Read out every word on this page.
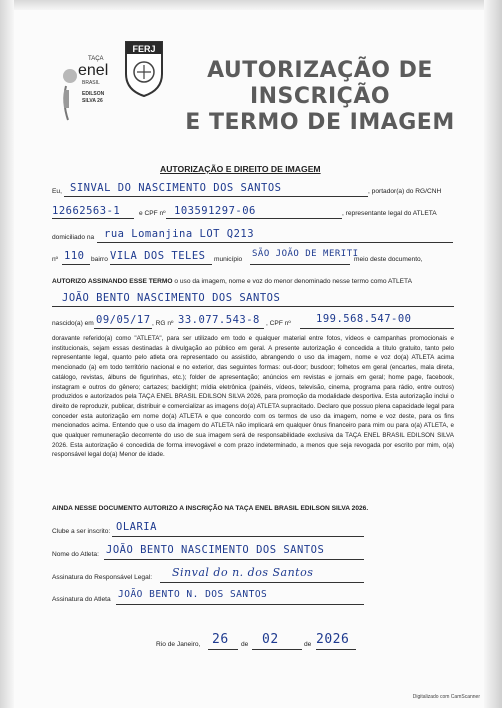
TAÇA
enel
BRASIL
EDILSON
SILVA 26
FERJ
AUTORIZAÇÃO DE INSCRIÇÃO
E TERMO DE IMAGEM
AUTORIZAÇÃO E DIREITO DE IMAGEM
Eu, SINVAL DO NASCIMENTO DOS SANTOS	, portador(a) do RG/CNH
12662563-1	e CPF nº 103591297-06	, representante legal do ATLETA
domiciliado na rua Lomanjina LOT Q213
nº 110 bairro VILA DOS TELES município
SÃO JOÃO DE MERITI
meio deste documento,
AUTORIZO ASSINANDO ESSE TERMO o uso da imagem, nome e voz do menor denominado nesse termo como ATLETA
JOÃO BENTO NASCIMENTO DOS SANTOS
nascido(a) em 09/05/17 , RG nº 33.077.543-8 , CPF nº 199.568.547-00
doravante referido(a) como "ATLETA", para ser utilizado em todo e qualquer material entre fotos, vídeos e campanhas promocionais e institucionais, sejam essas destinadas à divulgação ao público em geral. A presente autorização é concedida a título gratuito, tanto pelo representante legal, quanto pelo atleta ora representado ou assistido, abrangendo o uso da imagem, nome e voz do(a) ATLETA acima mencionado (a) em todo território nacional e no exterior, das seguintes formas: out-door; busdoor; folhetos em geral (encartes, mala direta, catálogo, revistas, álbuns de figurinhas, etc.); folder de apresentação; anúncios em revistas e jornais em geral; home page, facebook, instagram e outros do gênero; cartazes; backlight; mídia eletrônica (painéis, vídeos, televisão, cinema, programa para rádio, entre outros) produzidos e autorizados pela TAÇA ENEL BRASIL EDILSON SILVA 2026, para promoção da modalidade desportiva. Esta autorização inclui o direito de reproduzir, publicar, distribuir e comercializar as imagens do(a) ATLETA supracitado. Declaro que possuo plena capacidade legal para conceder esta autorização em nome do(a) ATLETA e que concordo com os termos de uso da imagem, nome e voz deste, para os fins mencionados acima. Entendo que o uso da imagem do ATLETA não implicará em qualquer ônus financeiro para mim ou para o(a) ATLETA, e que qualquer remuneração decorrente do uso de sua imagem será de responsabilidade exclusiva da TAÇA ENEL BRASIL EDILSON SILVA 2026. Esta autorização é concedida de forma irrevogável e com prazo indeterminado, a menos que seja revogada por escrito por mim, o(a) responsável legal do(a) Menor de idade.
AINDA NESSE DOCUMENTO AUTORIZO A INSCRIÇÃO NA TAÇA ENEL BRASIL EDILSON SILVA 2026.
Clube a ser inscrito: OLARIA
Nome do Atleta: JOÃO BENTO NASCIMENTO DOS SANTOS
Assinatura do Responsável Legal: Sinval do n. dos Santos
Assinatura do Atleta JOÃO BENTO N. DOS SANTOS
Rio de Janeiro, 26 de 02	de 2026
Digitalizado com CamScanner
